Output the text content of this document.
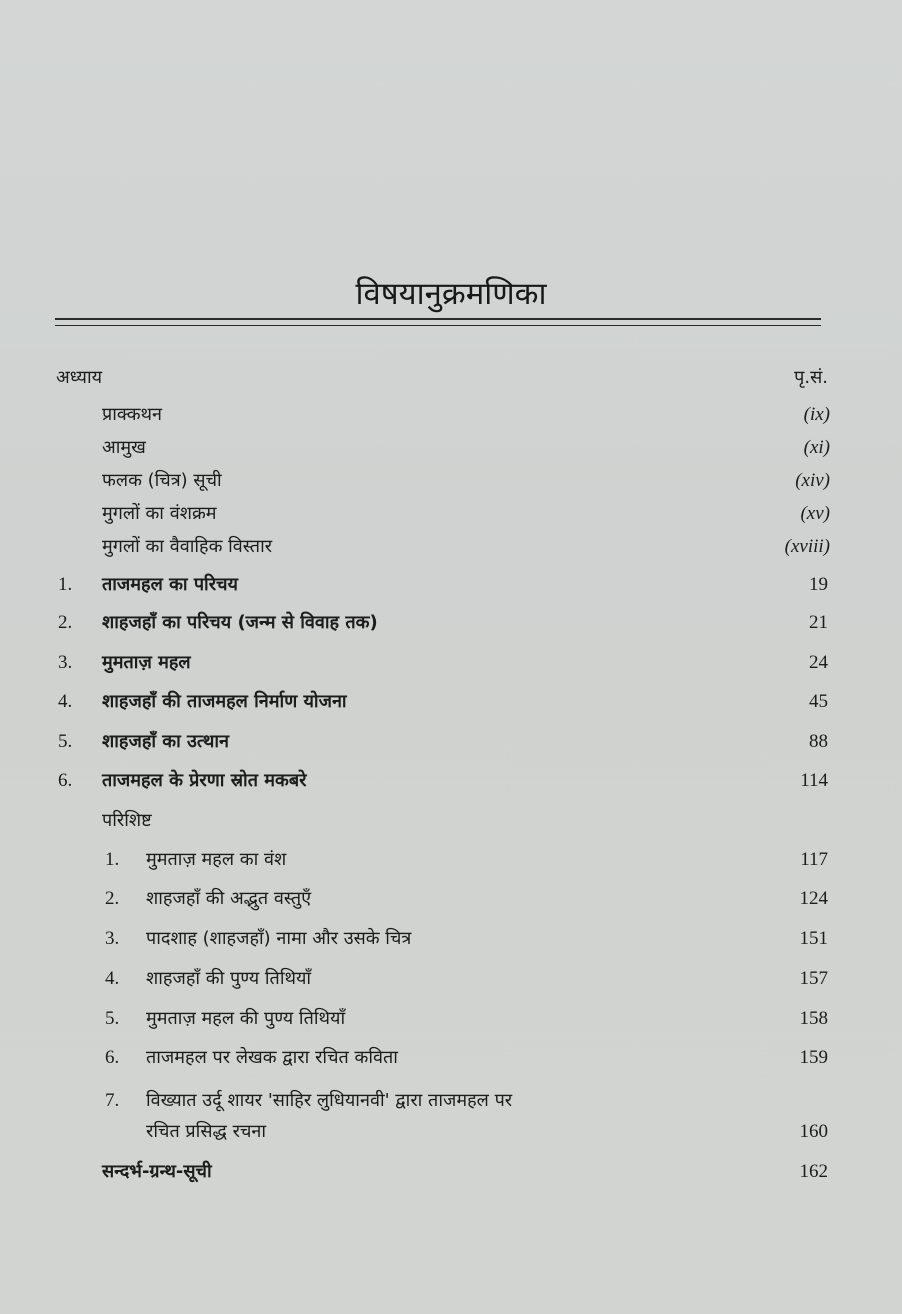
विषयानुक्रमणिका
अध्याय	पृ.सं.
प्राक्कथन	(ix)
आमुख	(xi)
फलक (चित्र) सूची	(xiv)
मुगलों का वंशक्रम	(xv)
मुगलों का वैवाहिक विस्तार	(xviii)
1. ताजमहल का परिचय	19
2. शाहजहाँ का परिचय (जन्म से विवाह तक)	21
3. मुमताज़ महल	24
4. शाहजहाँ की ताजमहल निर्माण योजना	45
5. शाहजहाँ का उत्थान	88
6. ताजमहल के प्रेरणा स्रोत मकबरे	114
परिशिष्ट
1. मुमताज़ महल का वंश	117
2. शाहजहाँ की अद्भुत वस्तुएँ	124
3. पादशाह (शाहजहाँ) नामा और उसके चित्र	151
4. शाहजहाँ की पुण्य तिथियाँ	157
5. मुमताज़ महल की पुण्य तिथियाँ	158
6. ताजमहल पर लेखक द्वारा रचित कविता	159
7. विख्यात उर्दू शायर 'साहिर लुधियानवी' द्वारा ताजमहल पर
रचित प्रसिद्ध रचना	160
सन्दर्भ-ग्रन्थ-सूची	162
